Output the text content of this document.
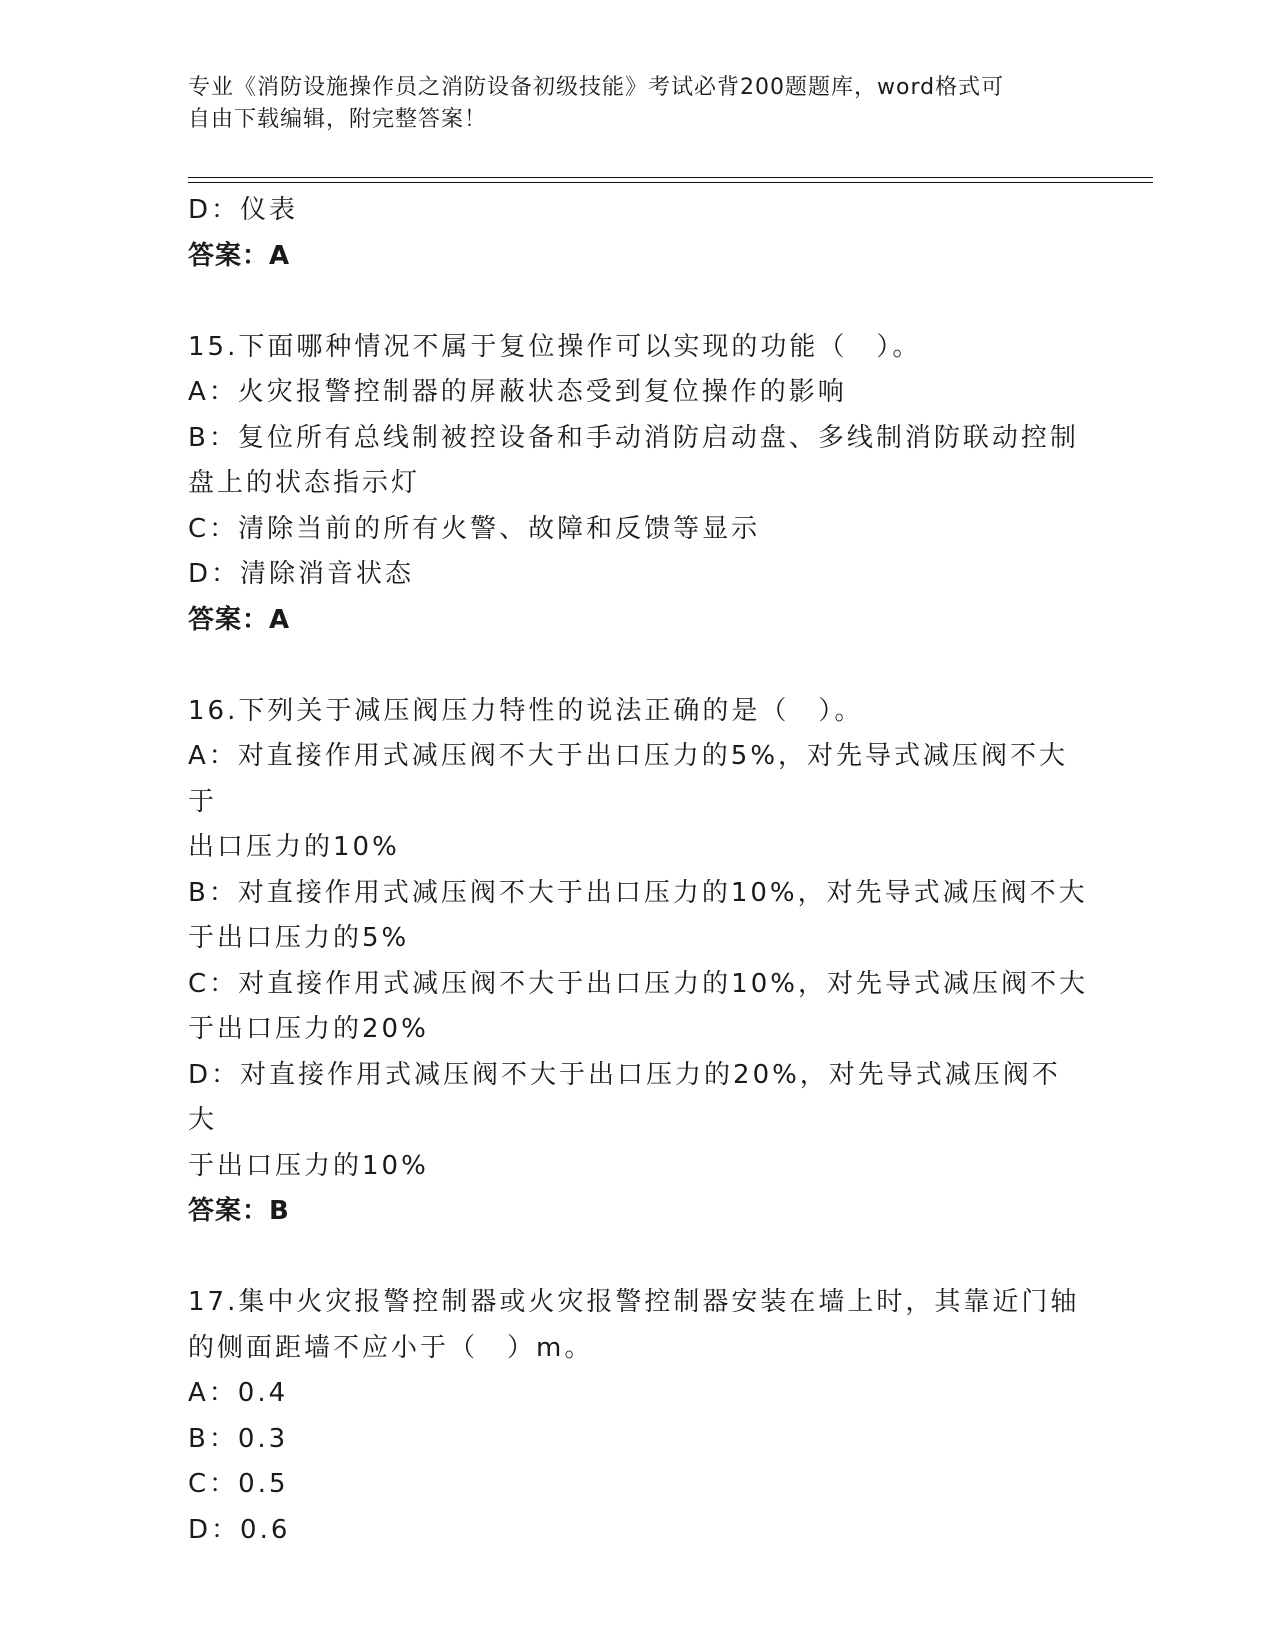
专业《消防设施操作员之消防设备初级技能》考试必背200题题库，word格式可
自由下载编辑，附完整答案！
D：仪表
答案：A
15.下面哪种情况不属于复位操作可以实现的功能（　）。
A：火灾报警控制器的屏蔽状态受到复位操作的影响
B：复位所有总线制被控设备和手动消防启动盘、多线制消防联动控制
盘上的状态指示灯
C：清除当前的所有火警、故障和反馈等显示
D：清除消音状态
答案：A
16.下列关于减压阀压力特性的说法正确的是（　）。
A：对直接作用式减压阀不大于出口压力的5%，对先导式减压阀不大于
出口压力的10%
B：对直接作用式减压阀不大于出口压力的10%，对先导式减压阀不大
于出口压力的5%
C：对直接作用式减压阀不大于出口压力的10%，对先导式减压阀不大
于出口压力的20%
D：对直接作用式减压阀不大于出口压力的20%，对先导式减压阀不大
于出口压力的10%
答案：B
17.集中火灾报警控制器或火灾报警控制器安装在墙上时，其靠近门轴
的侧面距墙不应小于（　）m。
A：0.4
B：0.3
C：0.5
D：0.6
